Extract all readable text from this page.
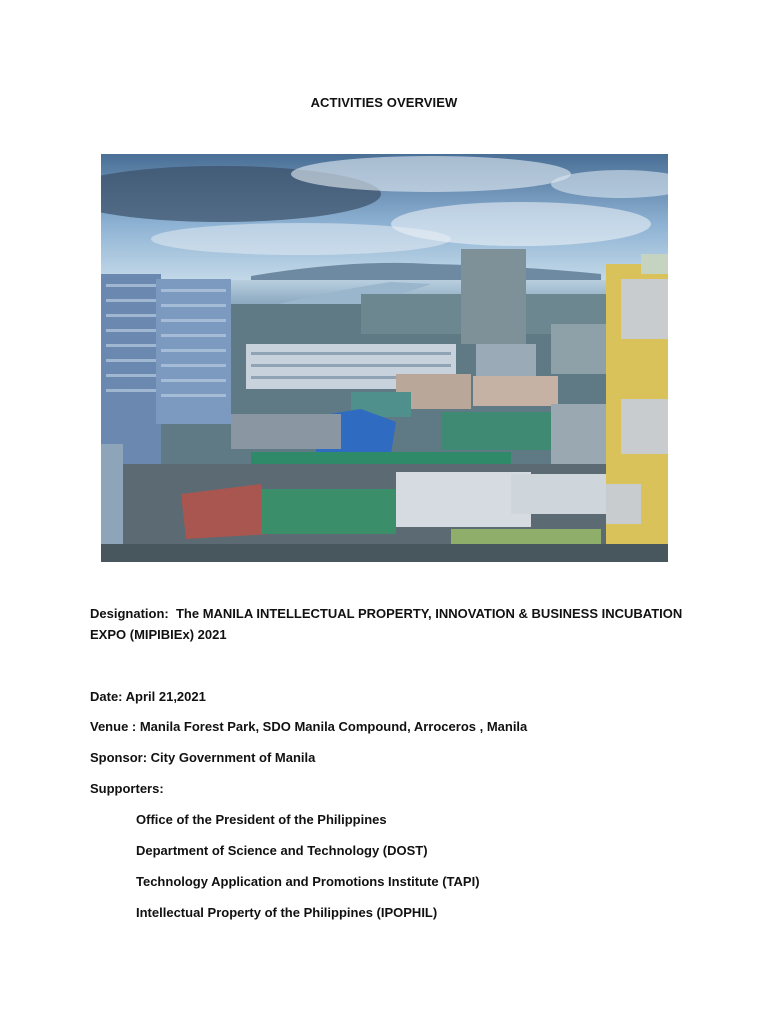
ACTIVITIES OVERVIEW
Designation: The MANILA INTELLECTUAL PROPERTY, INNOVATION & BUSINESS INCUBATION EXPO (MIPIBIEx) 2021
Date: April 21,2021
Venue : Manila Forest Park, SDO Manila Compound, Arroceros , Manila
Sponsor: City Government of Manila
Supporters:
Office of the President of the Philippines
Department of Science and Technology (DOST)
Technology Application and Promotions Institute (TAPI)
Intellectual Property of the Philippines (IPOPHIL)
